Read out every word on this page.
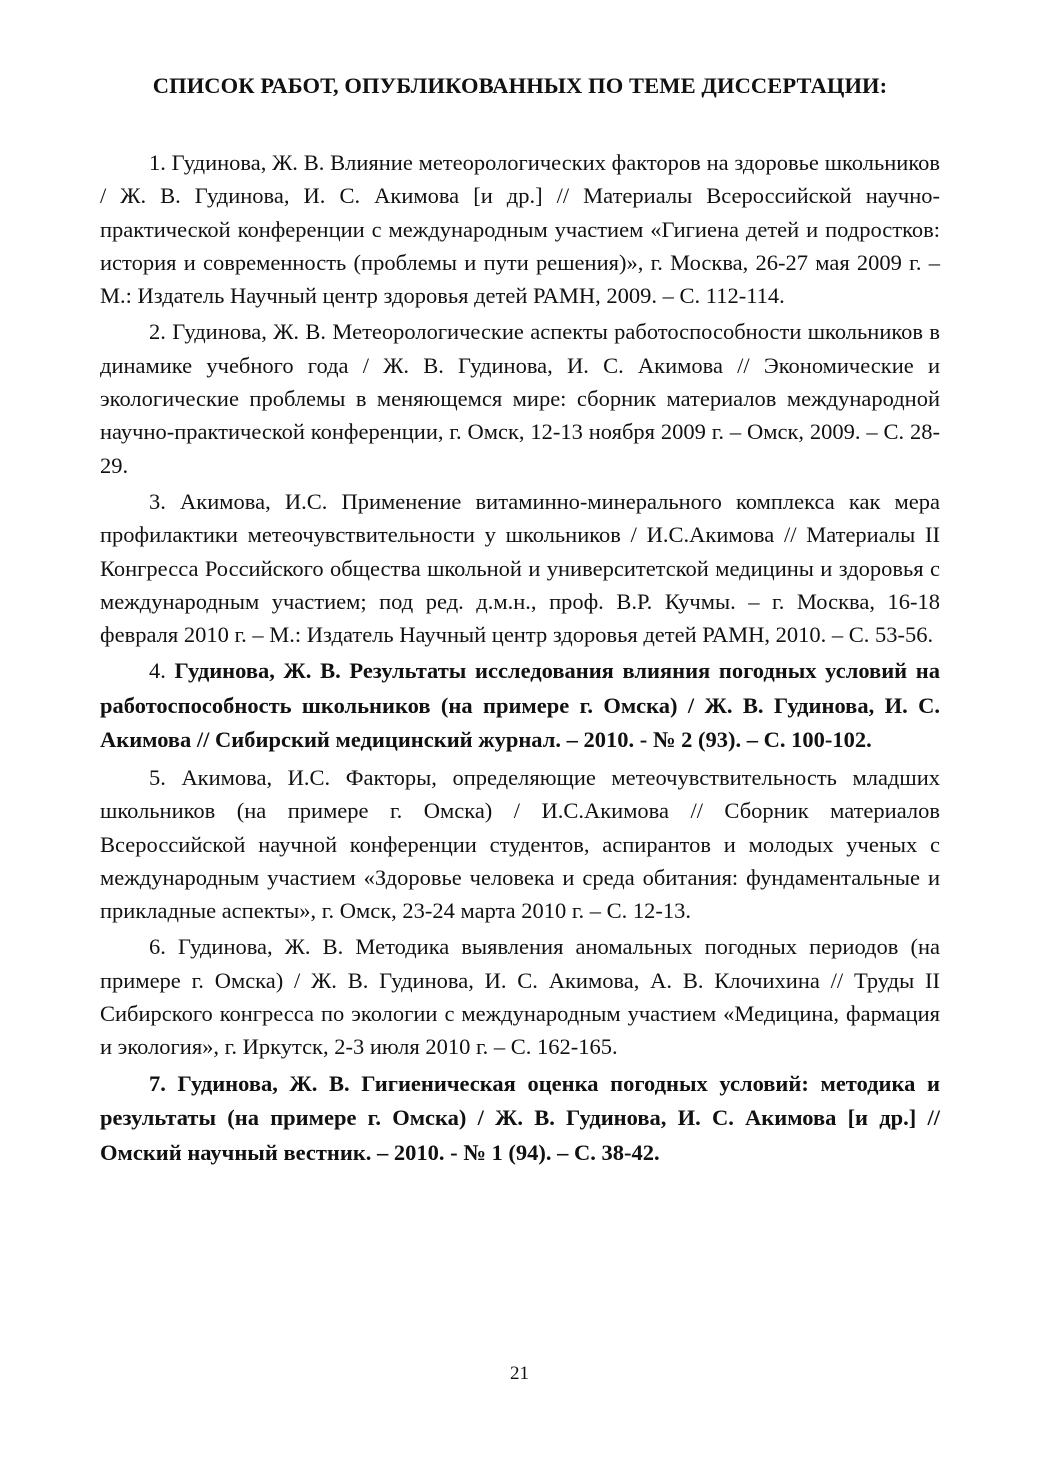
СПИСОК РАБОТ, ОПУБЛИКОВАННЫХ ПО ТЕМЕ ДИССЕРТАЦИИ:

1. Гудинова, Ж. В. Влияние метеорологических факторов на здоровье школьников / Ж. В. Гудинова, И. С. Акимова [и др.] // Материалы Всероссийской научно-практической конференции с международным участием «Гигиена детей и подростков: история и современность (проблемы и пути решения)», г. Москва, 26-27 мая 2009 г. – М.: Издатель Научный центр здоровья детей РАМН, 2009. – С. 112-114.

2. Гудинова, Ж. В. Метеорологические аспекты работоспособности школьников в динамике учебного года / Ж. В. Гудинова, И. С. Акимова // Экономические и экологические проблемы в меняющемся мире: сборник материалов международной научно-практической конференции, г. Омск, 12-13 ноября 2009 г. – Омск, 2009. – С. 28-29.

3. Акимова, И.С. Применение витаминно-минерального комплекса как мера профилактики метеочувствительности у школьников / И.С.Акимова // Материалы II Конгресса Российского общества школьной и университетской медицины и здоровья с международным участием; под ред. д.м.н., проф. В.Р. Кучмы. – г. Москва, 16-18 февраля 2010 г. – М.: Издатель Научный центр здоровья детей РАМН, 2010. – С. 53-56.

4. Гудинова, Ж. В. Результаты исследования влияния погодных условий на работоспособность школьников (на примере г. Омска) / Ж. В. Гудинова, И. С. Акимова // Сибирский медицинский журнал. – 2010. - № 2 (93). – С. 100-102.

5. Акимова, И.С. Факторы, определяющие метеочувствительность младших школьников (на примере г. Омска) / И.С.Акимова // Сборник материалов Всероссийской научной конференции студентов, аспирантов и молодых ученых с международным участием «Здоровье человека и среда обитания: фундаментальные и прикладные аспекты», г. Омск, 23-24 марта 2010 г. – С. 12-13.

6. Гудинова, Ж. В. Методика выявления аномальных погодных периодов (на примере г. Омска) / Ж. В. Гудинова, И. С. Акимова, А. В. Клочихина // Труды II Сибирского конгресса по экологии с международным участием «Медицина, фармация и экология», г. Иркутск, 2-3 июля 2010 г. – С. 162-165.

7. Гудинова, Ж. В. Гигиеническая оценка погодных условий: методика и результаты (на примере г. Омска) / Ж. В. Гудинова, И. С. Акимова [и др.] // Омский научный вестник. – 2010. - № 1 (94). – С. 38-42.

21
